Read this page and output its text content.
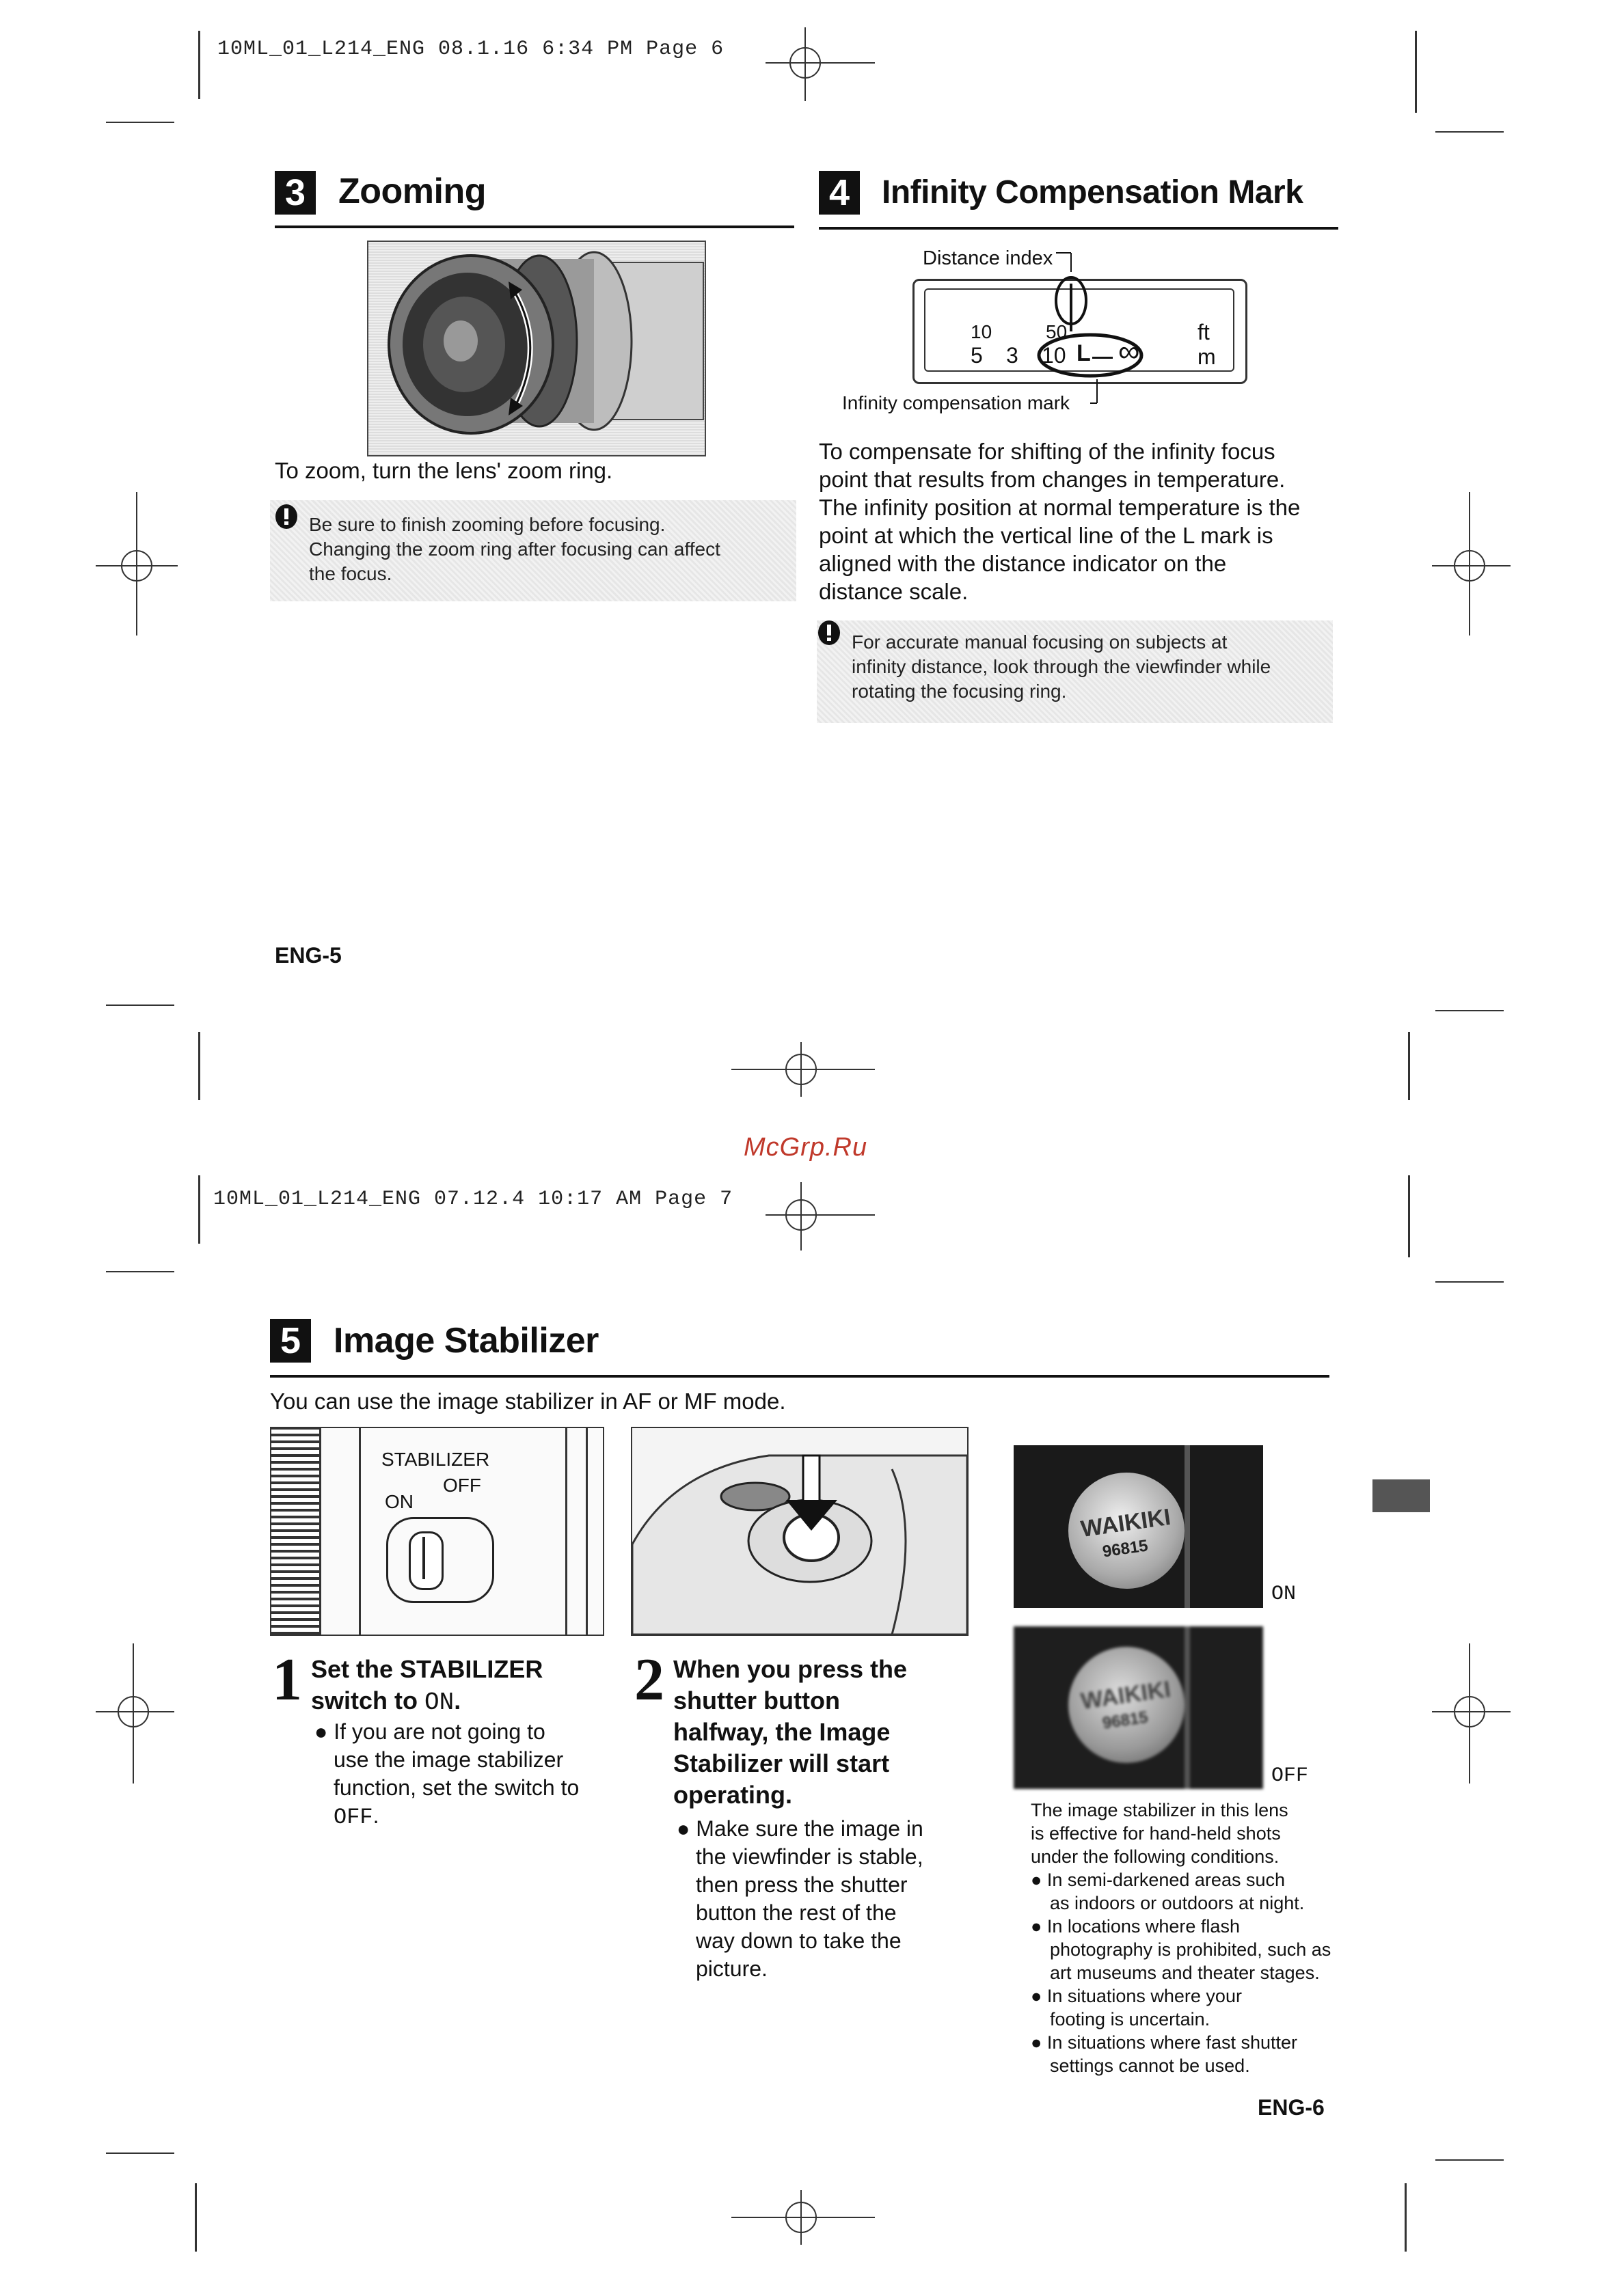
10ML_01_L214_ENG 08.1.16 6:34 PM Page 6
3 Zooming
To zoom, turn the lens' zoom ring.
Be sure to finish zooming before focusing.
Changing the zoom ring after focusing can affect
the focus.
ENG-5
4 Infinity Compensation Mark
Distance index
10	50
5 3 10 L ∞
ft
m
Infinity compensation mark
To compensate for shifting of the infinity focus
point that results from changes in temperature.
The infinity position at normal temperature is the
point at which the vertical line of the L mark is
aligned with the distance indicator on the
distance scale.
For accurate manual focusing on subjects at
infinity distance, look through the viewfinder while
rotating the focusing ring.
McGrp.Ru
10ML_01_L214_ENG 07.12.4 10:17 AM Page 7
5 Image Stabilizer
You can use the image stabilizer in AF or MF mode.
STABILIZER
OFF
ON
1 Set the STABILIZER
switch to ON.
● If you are not going to
use the image stabilizer
function, set the switch to
OFF.
2 When you press the
shutter button
halfway, the Image
Stabilizer will start
operating.
● Make sure the image in
the viewfinder is stable,
then press the shutter
button the rest of the
way down to take the
picture.
WAIKIKI
96815
ON
WAIKIKI
96815
OFF
The image stabilizer in this lens
is effective for hand-held shots
under the following conditions.
● In semi-darkened areas such
as indoors or outdoors at night.
● In locations where flash
photography is prohibited, such as
art museums and theater stages.
● In situations where your
footing is uncertain.
● In situations where fast shutter
settings cannot be used.
ENG-6
